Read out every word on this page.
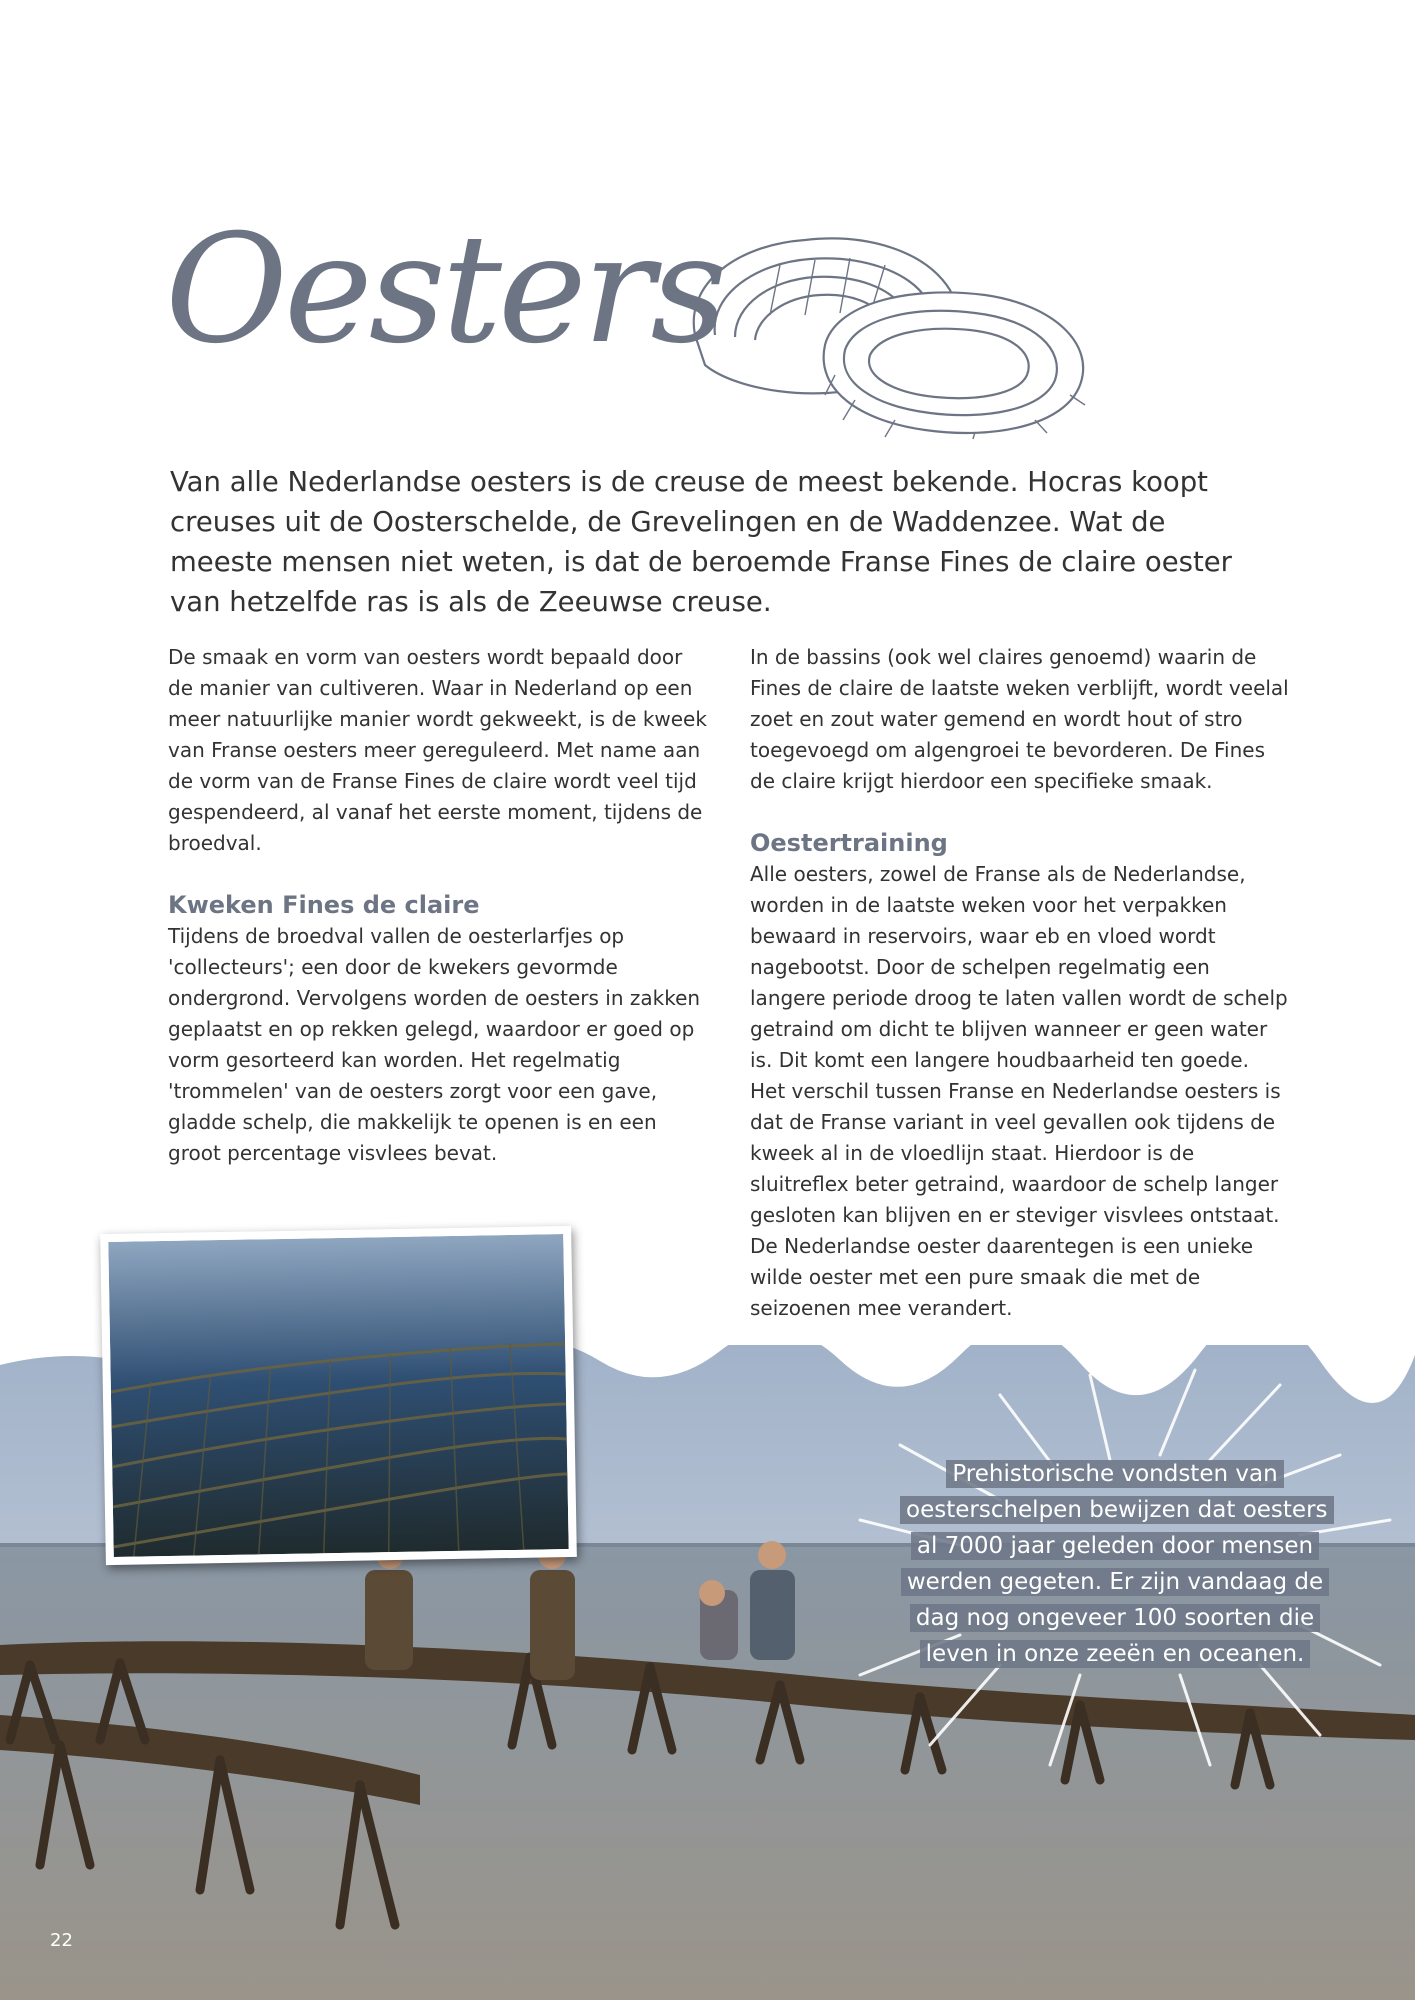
Oesters

Van alle Nederlandse oesters is de creuse de meest bekende. Hocras koopt creuses uit de Oosterschelde, de Grevelingen en de Waddenzee. Wat de meeste mensen niet weten, is dat de beroemde Franse Fines de claire oester van hetzelfde ras is als de Zeeuwse creuse.

De smaak en vorm van oesters wordt bepaald door de manier van cultiveren. Waar in Nederland op een meer natuurlijke manier wordt gekweekt, is de kweek van Franse oesters meer gereguleerd. Met name aan de vorm van de Franse Fines de claire wordt veel tijd gespendeerd, al vanaf het eerste moment, tijdens de broedval.

Kweken Fines de claire

Tijdens de broedval vallen de oesterlarfjes op 'collecteurs'; een door de kwekers gevormde ondergrond. Vervolgens worden de oesters in zakken geplaatst en op rekken gelegd, waardoor er goed op vorm gesorteerd kan worden. Het regelmatig 'trommelen' van de oesters zorgt voor een gave, gladde schelp, die makkelijk te openen is en een groot percentage visvlees bevat.

In de bassins (ook wel claires genoemd) waarin de Fines de claire de laatste weken verblijft, wordt veelal zoet en zout water gemend en wordt hout of stro toegevoegd om algengroei te bevorderen. De Fines de claire krijgt hierdoor een specifieke smaak.

Oestertraining

Alle oesters, zowel de Franse als de Nederlandse, worden in de laatste weken voor het verpakken bewaard in reservoirs, waar eb en vloed wordt nagebootst. Door de schelpen regelmatig een langere periode droog te laten vallen wordt de schelp getraind om dicht te blijven wanneer er geen water is. Dit komt een langere houdbaarheid ten goede. Het verschil tussen Franse en Nederlandse oesters is dat de Franse variant in veel gevallen ook tijdens de kweek al in de vloedlijn staat. Hierdoor is de sluitreflex beter getraind, waardoor de schelp langer gesloten kan blijven en er steviger visvlees ontstaat. De Nederlandse oester daarentegen is een unieke wilde oester met een pure smaak die met de seizoenen mee verandert.

Prehistorische vondsten van oesterschelpen bewijzen dat oesters al 7000 jaar geleden door mensen werden gegeten. Er zijn vandaag de dag nog ongeveer 100 soorten die leven in onze zeeën en oceanen.
22
